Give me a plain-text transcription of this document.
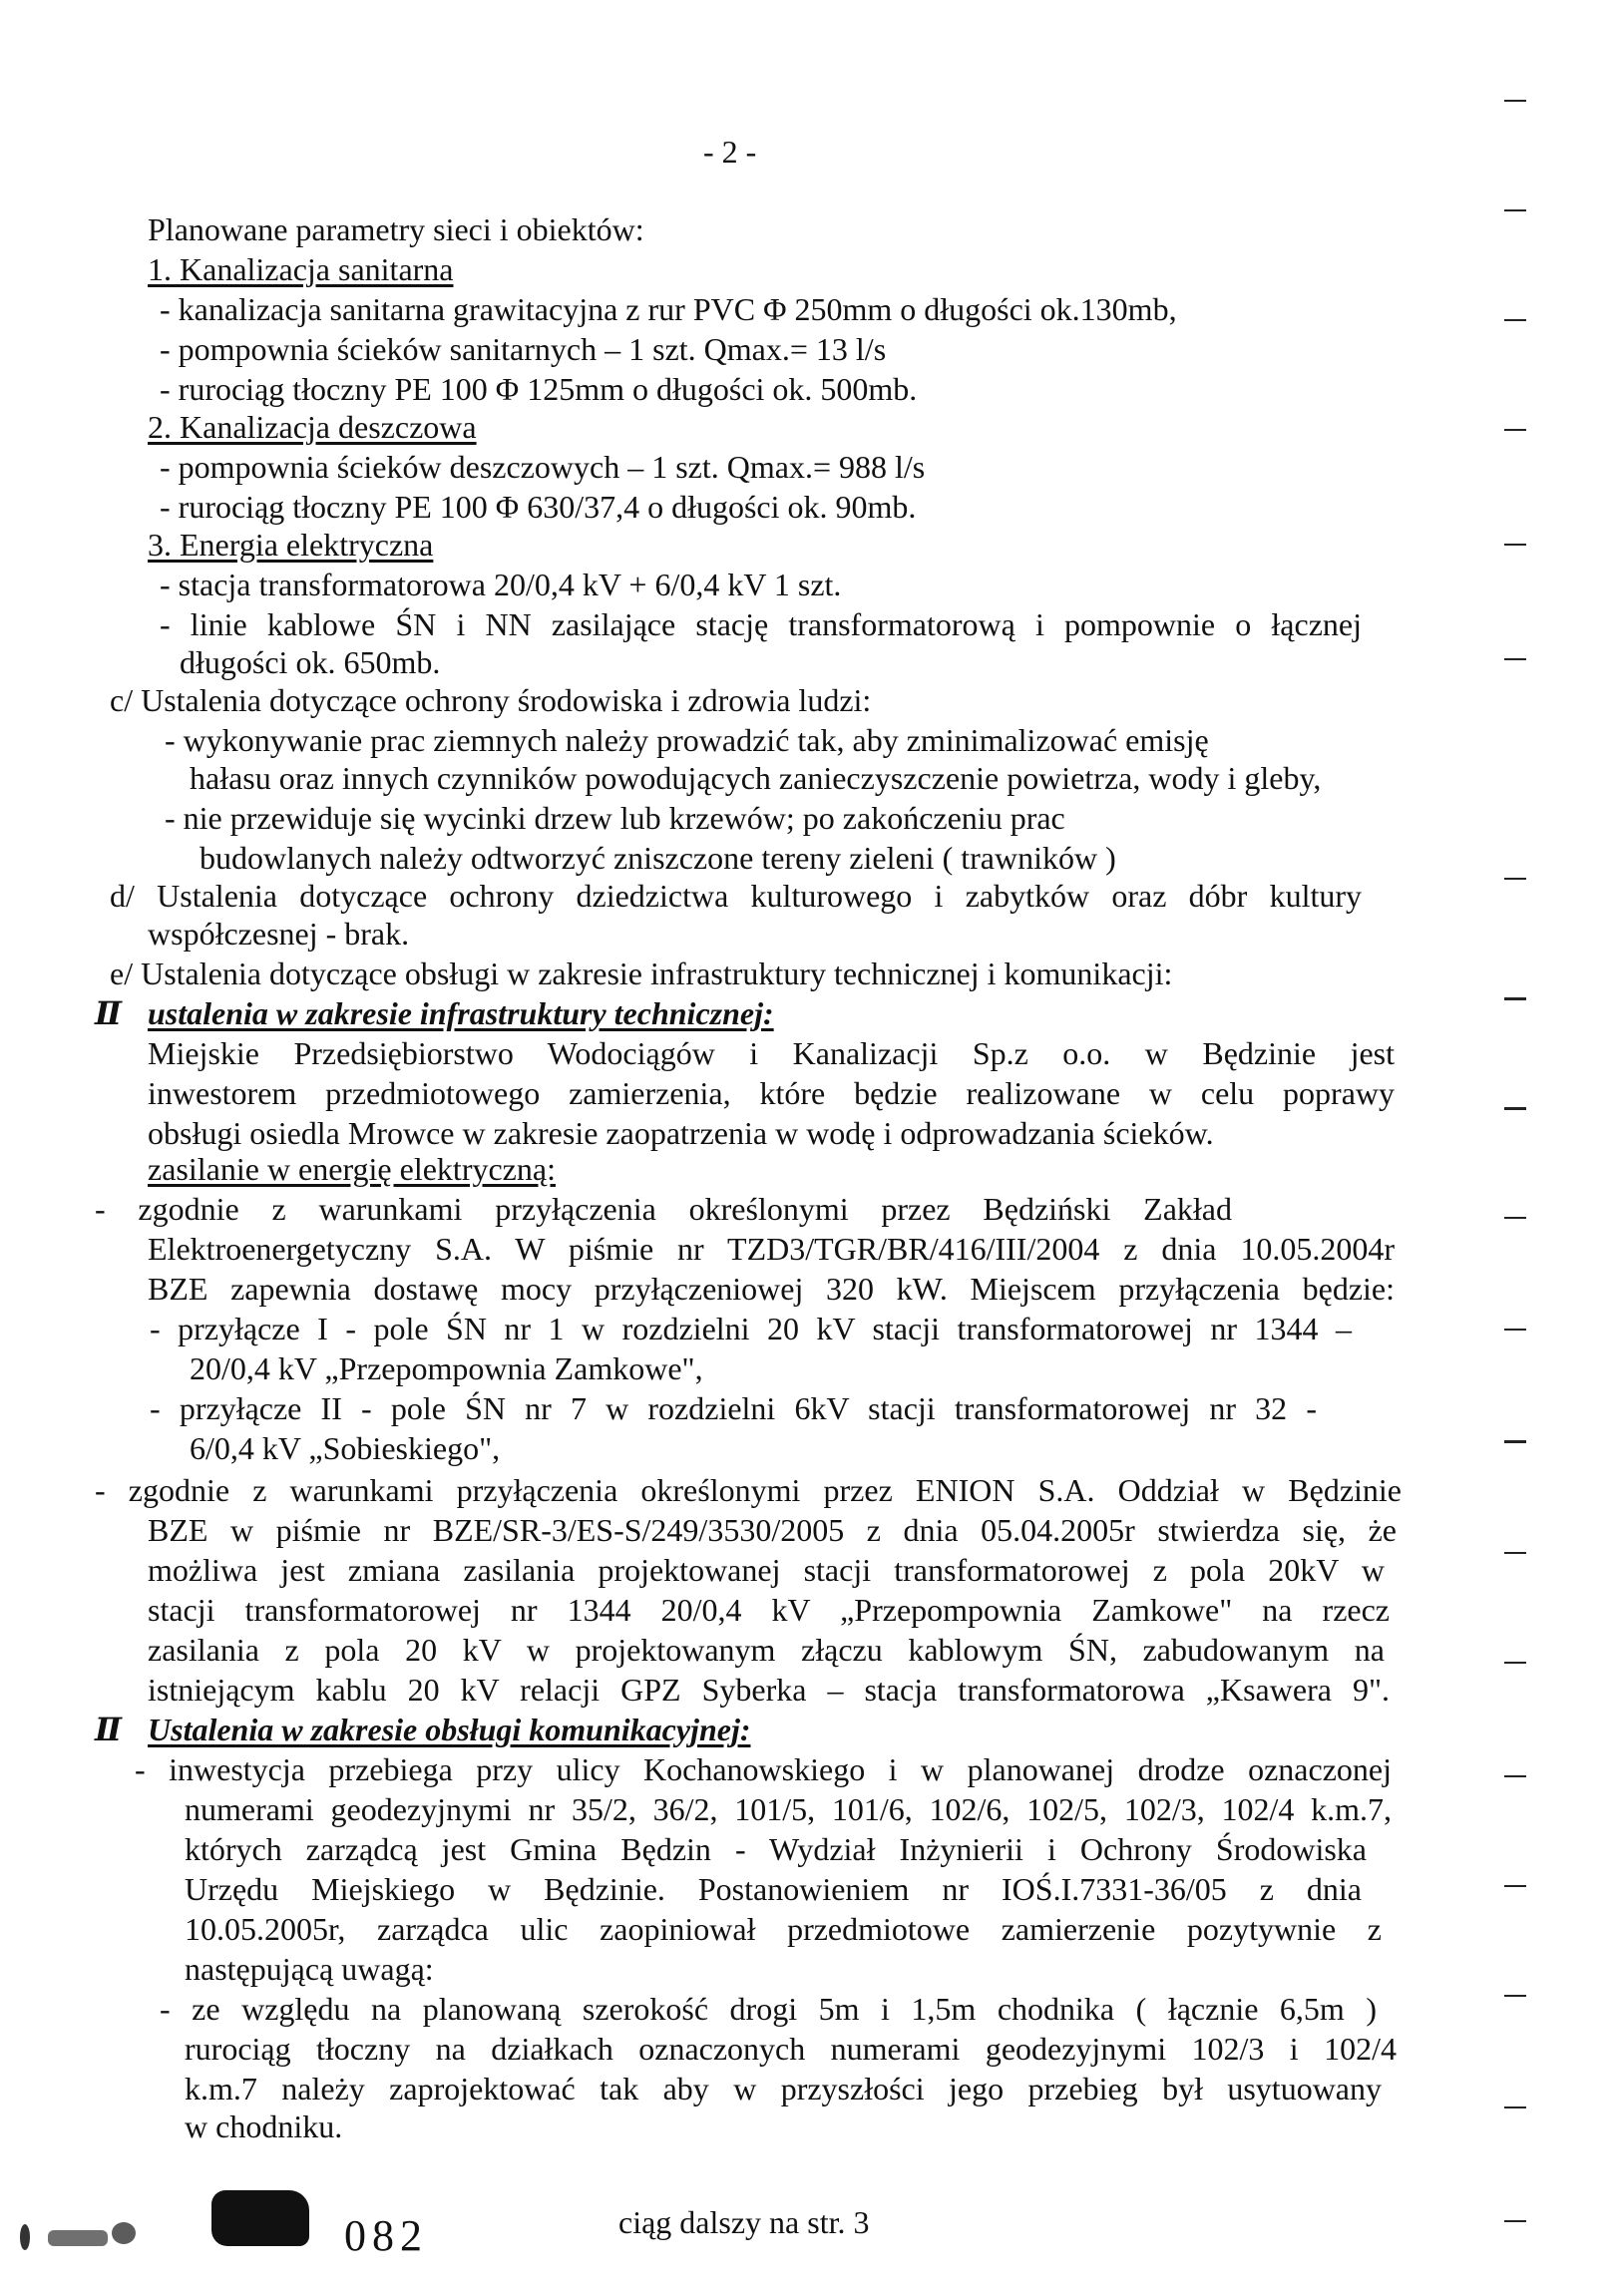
- 2 -
Planowane parametry sieci i obiektów:
1. Kanalizacja sanitarna
- kanalizacja sanitarna grawitacyjna z rur PVC Φ 250mm o długości ok.130mb,
- pompownia ścieków sanitarnych – 1 szt. Qmax.= 13 l/s
- rurociąg tłoczny PE 100 Φ 125mm o długości ok. 500mb.
2. Kanalizacja deszczowa
- pompownia ścieków deszczowych – 1 szt. Qmax.= 988 l/s
- rurociąg tłoczny PE 100 Φ 630/37,4 o długości ok. 90mb.
3. Energia elektryczna
- stacja transformatorowa 20/0,4 kV + 6/0,4 kV 1 szt.
- linie kablowe ŚN i NN zasilające stację transformatorową i pompownie o łącznej
długości ok. 650mb.
c/ Ustalenia dotyczące ochrony środowiska i zdrowia ludzi:
- wykonywanie prac ziemnych należy prowadzić tak, aby zminimalizować emisję
hałasu oraz innych czynników powodujących zanieczyszczenie powietrza, wody i gleby,
- nie przewiduje się wycinki drzew lub krzewów; po zakończeniu prac
budowlanych należy odtworzyć zniszczone tereny zieleni ( trawników )
d/ Ustalenia dotyczące ochrony dziedzictwa kulturowego i zabytków oraz dóbr kultury
współczesnej - brak.
e/ Ustalenia dotyczące obsługi w zakresie infrastruktury technicznej i komunikacji:
Ⅱ ustalenia w zakresie infrastruktury technicznej:
Miejskie Przedsiębiorstwo Wodociągów i Kanalizacji Sp.z o.o. w Będzinie jest
inwestorem przedmiotowego zamierzenia, które będzie realizowane w celu poprawy
obsługi osiedla Mrowce w zakresie zaopatrzenia w wodę i odprowadzania ścieków.
zasilanie w energię elektryczną:
- zgodnie z warunkami przyłączenia określonymi przez Będziński Zakład
Elektroenergetyczny S.A. W piśmie nr TZD3/TGR/BR/416/III/2004 z dnia 10.05.2004r
BZE zapewnia dostawę mocy przyłączeniowej 320 kW. Miejscem przyłączenia będzie:
- przyłącze I - pole ŚN nr 1 w rozdzielni 20 kV stacji transformatorowej nr 1344 –
20/0,4 kV „Przepompownia Zamkowe",
- przyłącze II - pole ŚN nr 7 w rozdzielni 6kV stacji transformatorowej nr 32 -
6/0,4 kV „Sobieskiego",
- zgodnie z warunkami przyłączenia określonymi przez ENION S.A. Oddział w Będzinie
BZE w piśmie nr BZE/SR-3/ES-S/249/3530/2005 z dnia 05.04.2005r stwierdza się, że
możliwa jest zmiana zasilania projektowanej stacji transformatorowej z pola 20kV w
stacji transformatorowej nr 1344 20/0,4 kV „Przepompownia Zamkowe" na rzecz
zasilania z pola 20 kV w projektowanym złączu kablowym ŚN, zabudowanym na
istniejącym kablu 20 kV relacji GPZ Syberka – stacja transformatorowa „Ksawera 9".
Ⅱ Ustalenia w zakresie obsługi komunikacyjnej:
- inwestycja przebiega przy ulicy Kochanowskiego i w planowanej drodze oznaczonej
numerami geodezyjnymi nr 35/2, 36/2, 101/5, 101/6, 102/6, 102/5, 102/3, 102/4 k.m.7,
których zarządcą jest Gmina Będzin - Wydział Inżynierii i Ochrony Środowiska
Urzędu Miejskiego w Będzinie. Postanowieniem nr IOŚ.I.7331-36/05 z dnia
10.05.2005r, zarządca ulic zaopiniował przedmiotowe zamierzenie pozytywnie z
następującą uwagą:
- ze względu na planowaną szerokość drogi 5m i 1,5m chodnika ( łącznie 6,5m )
rurociąg tłoczny na działkach oznaczonych numerami geodezyjnymi 102/3 i 102/4
k.m.7 należy zaprojektować tak aby w przyszłości jego przebieg był usytuowany
w chodniku.
ciąg dalszy na str. 3
082
